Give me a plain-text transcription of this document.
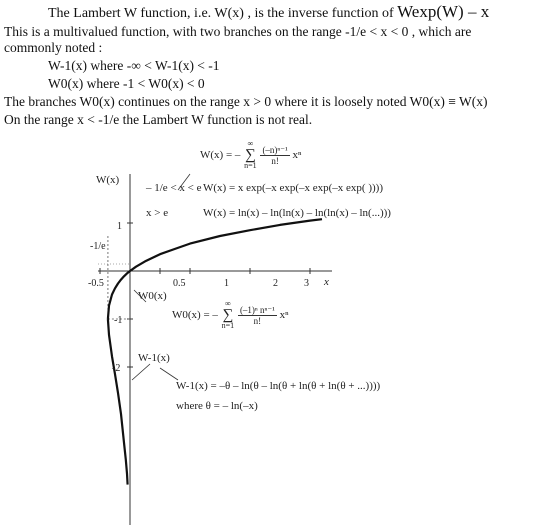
The Lambert W function, i.e. W(x) , is the inverse function of Wexp(W) – x
This is a multivalued function, with two branches on the range -1/e < x < 0 , which are
commonly noted :
W-1(x) where -∞ < W-1(x) < -1
W0(x) where -1 < W0(x) < 0
The branches W0(x) continues on the range x > 0 where it is loosely noted W0(x) ≡ W(x)
On the range x < -1/e the Lambert W function is not real.
W(x)
x
-0.5	0.5	1	2	3
1
-1
-2
-1/e
W0(x)
W-1(x)
W(x) = – ∞
∑
$n=1 \frac{\text{(–n)ⁿ⁻¹}}{n!}$ xⁿ
– 1/e < x < e W(x) = x exp(–x exp(–x exp(–x exp( ))))
x > e	W(x) = ln(x) – ln(ln(x) – ln(ln(x) – ln(...)))
W0(x) = – ∞
∑
$n=1 \frac{\text{(–1)ⁿ nⁿ⁻¹}}{n!}$ xⁿ
W-1(x) = –θ – ln(θ – ln(θ + ln(θ + ln(θ + ...))))
where θ = – ln(–x)
